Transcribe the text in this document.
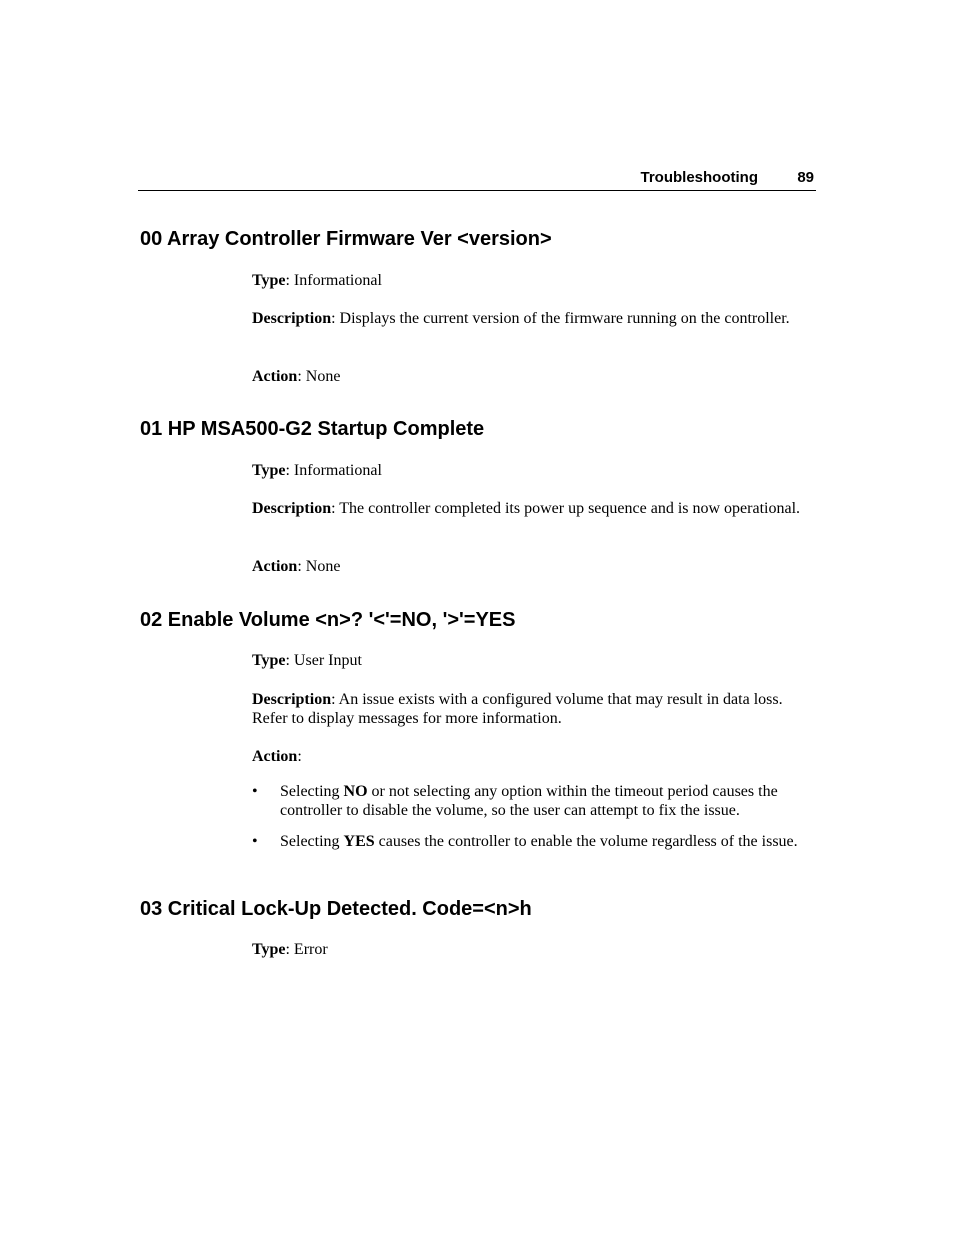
Troubleshooting	89
00 Array Controller Firmware Ver <version>

Type: Informational

Description: Displays the current version of the firmware running on the controller.

Action: None

01 HP MSA500-G2 Startup Complete

Type: Informational

Description: The controller completed its power up sequence and is now operational.

Action: None

02 Enable Volume <n>? '<'=NO, '>'=YES

Type: User Input

Description: An issue exists with a configured volume that may result in data loss. Refer to display messages for more information.

Action:

• Selecting NO or not selecting any option within the timeout period causes the controller to disable the volume, so the user can attempt to fix the issue.
• Selecting YES causes the controller to enable the volume regardless of the issue.
03 Critical Lock-Up Detected. Code=<n>h

Type: Error
